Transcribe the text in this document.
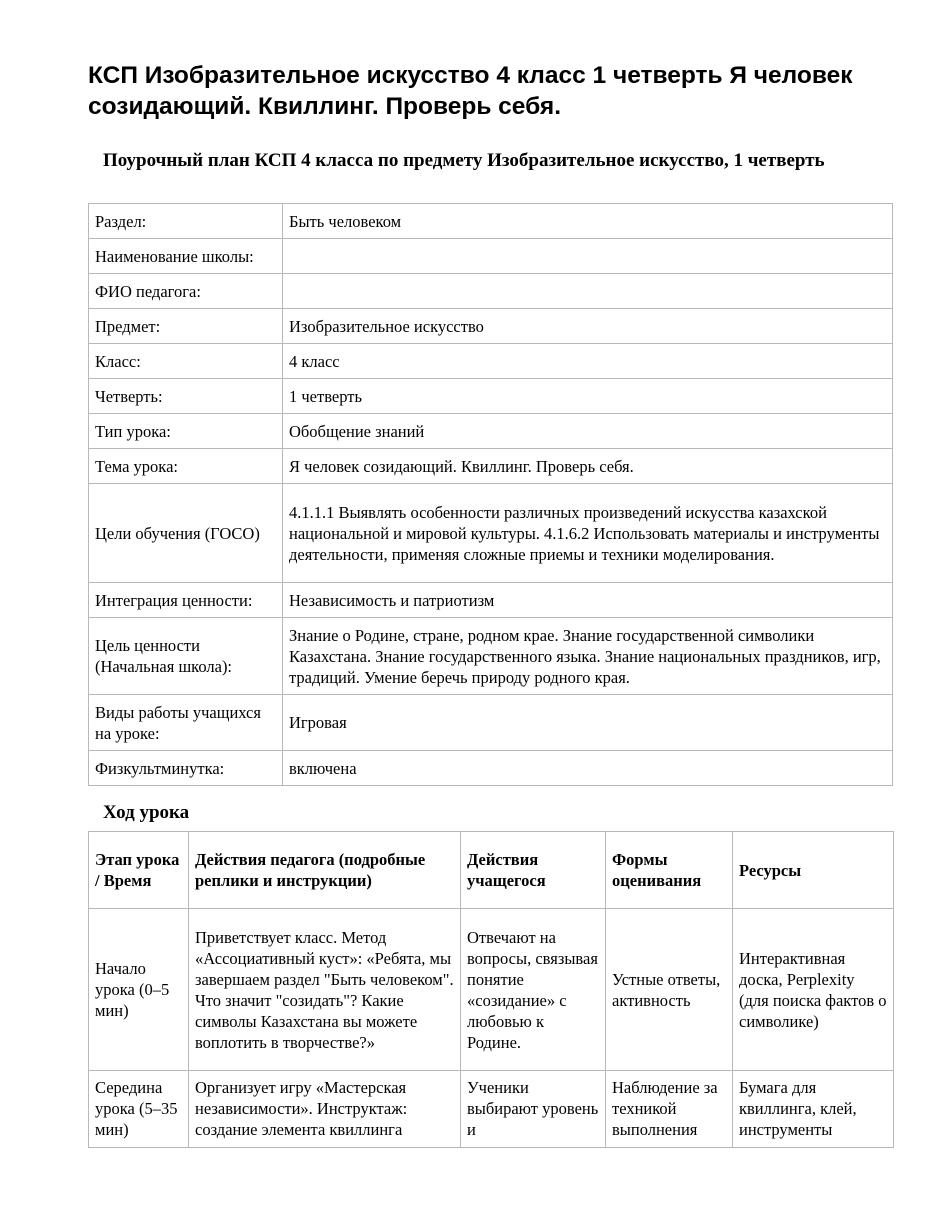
КСП Изобразительное искусство 4 класс 1 четверть Я человек созидающий. Квиллинг. Проверь себя.
Поурочный план КСП 4 класса по предмету Изобразительное искусство, 1 четверть
Раздел:	Быть человеком
Наименование школы:	
ФИО педагога:	
Предмет:	Изобразительное искусство
Класс:	4 класс
Четверть:	1 четверть
Тип урока:	Обобщение знаний
Тема урока:	Я человек созидающий. Квиллинг. Проверь себя.
Цели обучения (ГОСО)	4.1.1.1 Выявлять особенности различных произведений искусства казахской национальной и мировой культуры. 4.1.6.2 Использовать материалы и инструменты деятельности, применяя сложные приемы и техники моделирования.
Интеграция ценности:	Независимость и патриотизм
Цель ценности (Начальная школа):	Знание о Родине, стране, родном крае. Знание государственной символики Казахстана. Знание государственного языка. Знание национальных праздников, игр, традиций. Умение беречь природу родного края.
Виды работы учащихся на уроке:	Игровая
Физкультминутка:	включена
Ход урока
Этап урока / Время	Действия педагога (подробные реплики и инструкции)	Действия учащегося	Формы оценивания	Ресурсы
Начало урока (0–5 мин)	Приветствует класс. Метод «Ассоциативный куст»: «Ребята, мы завершаем раздел "Быть человеком". Что значит "созидать"? Какие символы Казахстана вы можете воплотить в творчестве?»	Отвечают на вопросы, связывая понятие «созидание» с любовью к Родине.	Устные ответы, активность	Интерактивная доска, Perplexity (для поиска фактов о символике)
Середина урока (5–35 мин)	Организует игру «Мастерская независимости». Инструктаж: создание элемента квиллинга	Ученики выбирают уровень и	Наблюдение за техникой выполнения	Бумага для квиллинга, клей, инструменты
